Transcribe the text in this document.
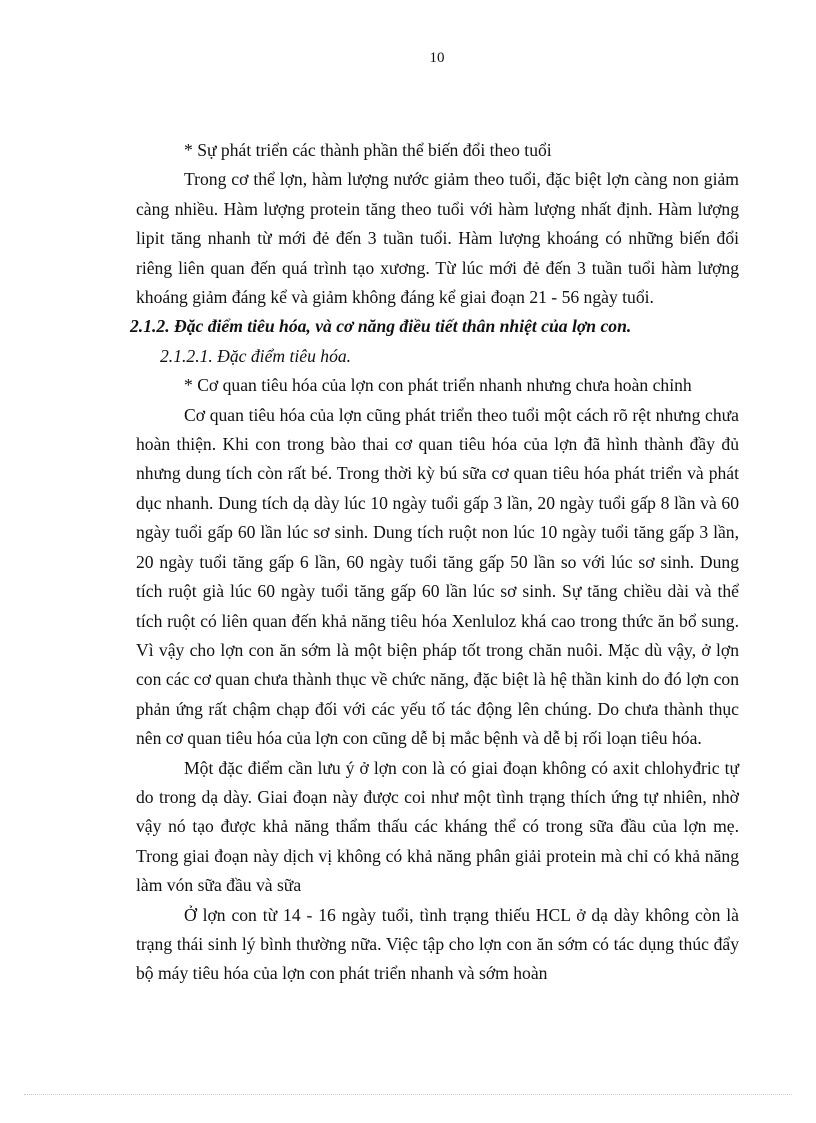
10

* Sự phát triển các thành phần thể biến đổi theo tuổi

Trong cơ thể lợn, hàm lượng nước giảm theo tuổi, đặc biệt lợn càng non giảm càng nhiều. Hàm lượng protein tăng theo tuổi với hàm lượng nhất định. Hàm lượng lipit tăng nhanh từ mới đẻ đến 3 tuần tuổi. Hàm lượng khoáng có những biến đổi riêng liên quan đến quá trình tạo xương. Từ lúc mới đẻ đến 3 tuần tuổi hàm lượng khoáng giảm đáng kể và giảm không đáng kể giai đoạn 21 - 56 ngày tuổi.

2.1.2. Đặc điểm tiêu hóa, và cơ năng điều tiết thân nhiệt của lợn con.

2.1.2.1. Đặc điểm tiêu hóa.

* Cơ quan tiêu hóa của lợn con phát triển nhanh nhưng chưa hoàn chỉnh

Cơ quan tiêu hóa của lợn cũng phát triển theo tuổi một cách rõ rệt nhưng chưa hoàn thiện. Khi con trong bào thai cơ quan tiêu hóa của lợn đã hình thành đầy đủ nhưng dung tích còn rất bé. Trong thời kỳ bú sữa cơ quan tiêu hóa phát triển và phát dục nhanh. Dung tích dạ dày lúc 10 ngày tuổi gấp 3 lần, 20 ngày tuổi gấp 8 lần và 60 ngày tuổi gấp 60 lần lúc sơ sinh. Dung tích ruột non lúc 10 ngày tuổi tăng gấp 3 lần, 20 ngày tuổi tăng gấp 6 lần, 60 ngày tuổi tăng gấp 50 lần so với lúc sơ sinh. Dung tích ruột già lúc 60 ngày tuổi tăng gấp 60 lần lúc sơ sinh. Sự tăng chiều dài và thể tích ruột có liên quan đến khả năng tiêu hóa Xenluloz khá cao trong thức ăn bổ sung. Vì vậy cho lợn con ăn sớm là một biện pháp tốt trong chăn nuôi. Mặc dù vậy, ở lợn con các cơ quan chưa thành thục về chức năng, đặc biệt là hệ thần kinh do đó lợn con phản ứng rất chậm chạp đối với các yếu tố tác động lên chúng. Do chưa thành thục nên cơ quan tiêu hóa của lợn con cũng dễ bị mắc bệnh và dễ bị rối loạn tiêu hóa.

Một đặc điểm cần lưu ý ở lợn con là có giai đoạn không có axit chlohyđric tự do trong dạ dày. Giai đoạn này được coi như một tình trạng thích ứng tự nhiên, nhờ vậy nó tạo được khả năng thẩm thấu các kháng thể có trong sữa đầu của lợn mẹ. Trong giai đoạn này dịch vị không có khả năng phân giải protein mà chỉ có khả năng làm vón sữa đầu và sữa

Ở lợn con từ 14 - 16 ngày tuổi, tình trạng thiếu HCL ở dạ dày không còn là trạng thái sinh lý bình thường nữa. Việc tập cho lợn con ăn sớm có tác dụng thúc đẩy bộ máy tiêu hóa của lợn con phát triển nhanh và sớm hoàn
